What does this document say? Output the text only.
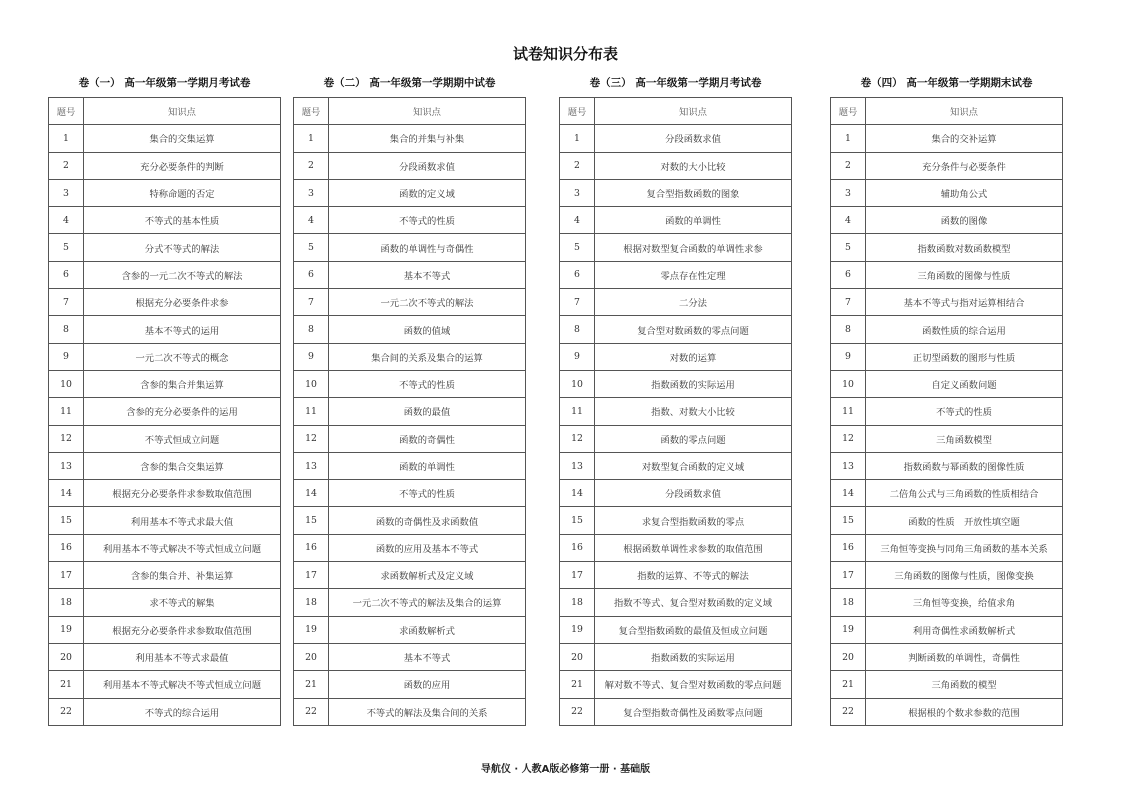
试卷知识分布表
卷（一） 高一年级第一学期月考试卷
题号	知识点
1	集合的交集运算
2	充分必要条件的判断
3	特称命题的否定
4	不等式的基本性质
5	分式不等式的解法
6	含参的一元二次不等式的解法
7	根据充分必要条件求参
8	基本不等式的运用
9	一元二次不等式的概念
10	含参的集合并集运算
11	含参的充分必要条件的运用
12	不等式恒成立问题
13	含参的集合交集运算
14	根据充分必要条件求参数取值范围
15	利用基本不等式求最大值
16	利用基本不等式解决不等式恒成立问题
17	含参的集合并、补集运算
18	求不等式的解集
19	根据充分必要条件求参数取值范围
20	利用基本不等式求最值
21	利用基本不等式解决不等式恒成立问题
22	不等式的综合运用
卷（二） 高一年级第一学期期中试卷
题号	知识点
1	集合的并集与补集
2	分段函数求值
3	函数的定义域
4	不等式的性质
5	函数的单调性与奇偶性
6	基本不等式
7	一元二次不等式的解法
8	函数的值域
9	集合间的关系及集合的运算
10	不等式的性质
11	函数的最值
12	函数的奇偶性
13	函数的单调性
14	不等式的性质
15	函数的奇偶性及求函数值
16	函数的应用及基本不等式
17	求函数解析式及定义域
18	一元二次不等式的解法及集合的运算
19	求函数解析式
20	基本不等式
21	函数的应用
22	不等式的解法及集合间的关系
卷（三） 高一年级第一学期月考试卷
题号	知识点
1	分段函数求值
2	对数的大小比较
3	复合型指数函数的图象
4	函数的单调性
5	根据对数型复合函数的单调性求参
6	零点存在性定理
7	二分法
8	复合型对数函数的零点问题
9	对数的运算
10	指数函数的实际运用
11	指数、对数大小比较
12	函数的零点问题
13	对数型复合函数的定义域
14	分段函数求值
15	求复合型指数函数的零点
16	根据函数单调性求参数的取值范围
17	指数的运算、不等式的解法
18	指数不等式、复合型对数函数的定义域
19	复合型指数函数的最值及恒成立问题
20	指数函数的实际运用
21	解对数不等式、复合型对数函数的零点问题
22	复合型指数奇偶性及函数零点问题
卷（四） 高一年级第一学期期末试卷
题号	知识点
1	集合的交补运算
2	充分条件与必要条件
3	辅助角公式
4	函数的图像
5	指数函数对数函数模型
6	三角函数的图像与性质
7	基本不等式与指对运算相结合
8	函数性质的综合运用
9	正切型函数的图形与性质
10	自定义函数问题
11	不等式的性质
12	三角函数模型
13	指数函数与幂函数的图像性质
14	二倍角公式与三角函数的性质相结合
15	函数的性质　开放性填空题
16	三角恒等变换与同角三角函数的基本关系
17	三角函数的图像与性质，图像变换
18	三角恒等变换，给值求角
19	利用奇偶性求函数解析式
20	判断函数的单调性，奇偶性
21	三角函数的模型
22	根据根的个数求参数的范围
导航仪 · 人教A版必修第一册 · 基础版
